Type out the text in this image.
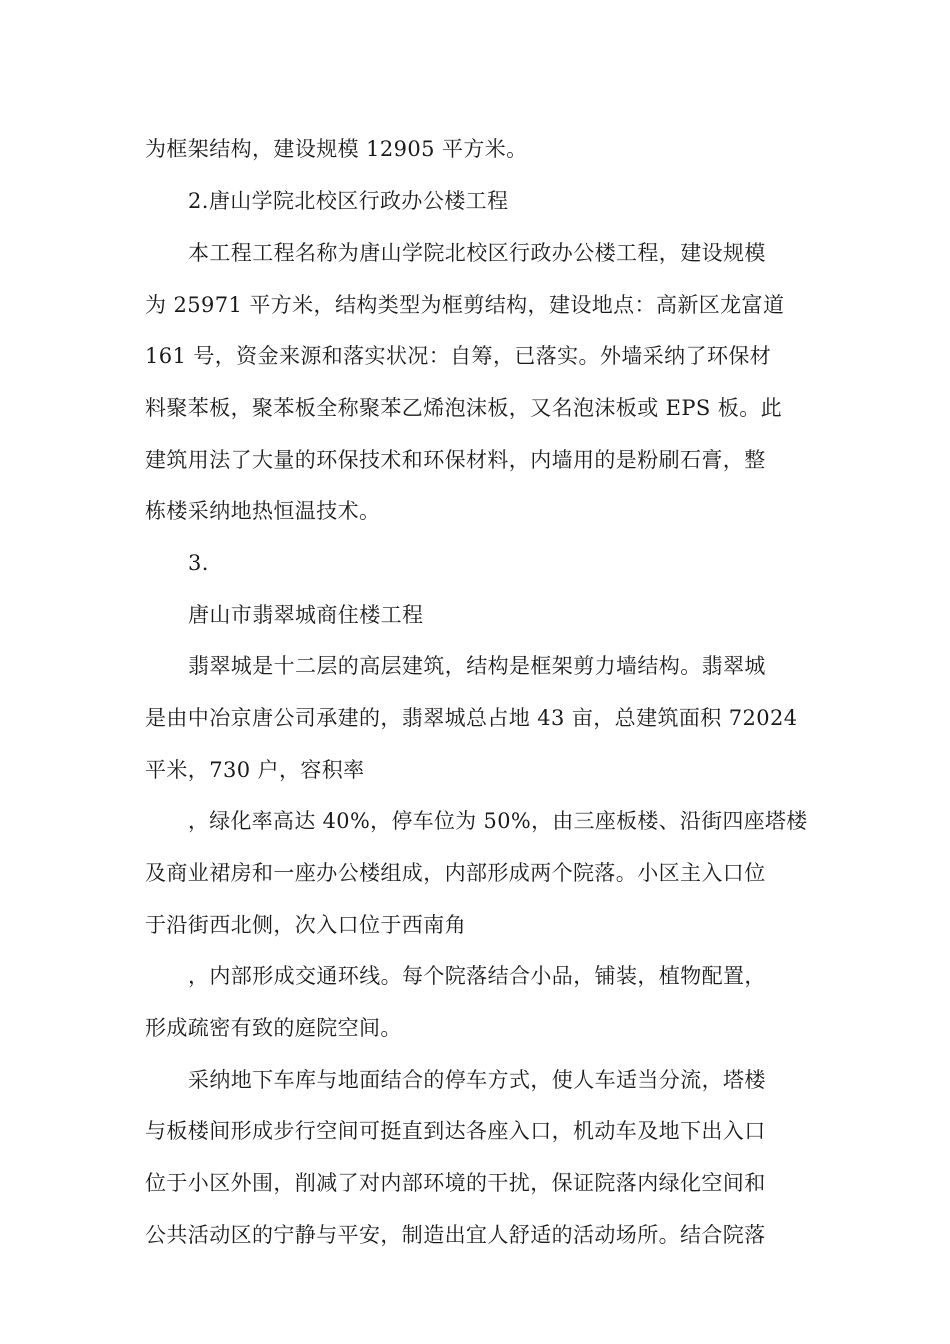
为框架结构，建设规模 12905 平方米。
2.唐山学院北校区行政办公楼工程
本工程工程名称为唐山学院北校区行政办公楼工程，建设规模
为 25971 平方米，结构类型为框剪结构，建设地点：高新区龙富道
161 号，资金来源和落实状况：自筹，已落实。外墙采纳了环保材
料聚苯板，聚苯板全称聚苯乙烯泡沫板，又名泡沫板或 EPS 板。此
建筑用法了大量的环保技术和环保材料，内墙用的是粉刷石膏，整
栋楼采纳地热恒温技术。
3.
唐山市翡翠城商住楼工程
翡翠城是十二层的高层建筑，结构是框架剪力墙结构。翡翠城
是由中冶京唐公司承建的，翡翠城总占地 43 亩，总建筑面积 72024
平米，730 户，容积率
，绿化率高达 40%，停车位为 50%，由三座板楼、沿街四座塔楼
及商业裙房和一座办公楼组成，内部形成两个院落。小区主入口位
于沿街西北侧，次入口位于西南角
，内部形成交通环线。每个院落结合小品，铺装，植物配置，
形成疏密有致的庭院空间。
采纳地下车库与地面结合的停车方式，使人车适当分流，塔楼
与板楼间形成步行空间可挺直到达各座入口，机动车及地下出入口
位于小区外围，削减了对内部环境的干扰，保证院落内绿化空间和
公共活动区的宁静与平安，制造出宜人舒适的活动场所。结合院落
